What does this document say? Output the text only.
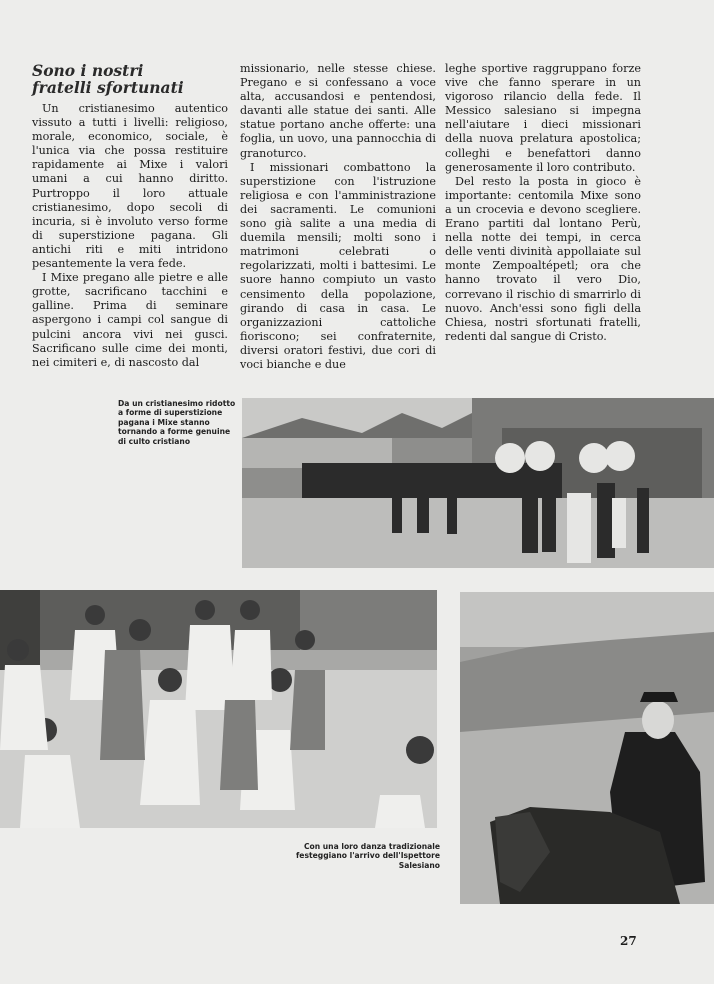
Sono i nostri
fratelli sfortunati

Un cristianesimo autentico vissuto a tutti i livelli: religioso, morale, economico, sociale, è l'unica via che possa restituire rapidamente ai Mixe i valori umani a cui hanno diritto. Purtroppo il loro attuale cristianesimo, dopo secoli di incuria, si è involuto verso forme di superstizione pagana. Gli antichi riti e miti intridono pesantemente la vera fede.

I Mixe pregano alle pietre e alle grotte, sacrificano tacchini e galline. Prima di seminare aspergono i campi col sangue di pulcini ancora vivi nei gusci. Sacrificano sulle cime dei monti, nei cimiteri e, di nascosto dal

missionario, nelle stesse chiese. Pregano e si confessano a voce alta, accusandosi e pentendosi, davanti alle statue dei santi. Alle statue portano anche offerte: una foglia, un uovo, una pannocchia di granoturco.

I missionari combattono la superstizione con l'istruzione religiosa e con l'amministrazione dei sacramenti. Le comunioni sono già salite a una media di duemila mensili; molti sono i matrimoni celebrati o regolarizzati, molti i battesimi. Le suore hanno compiuto un vasto censimento della popolazione, girando di casa in casa. Le organizzazioni cattoliche fioriscono; sei confraternite, diversi oratori festivi, due cori di voci bianche e due

leghe sportive raggruppano forze vive che fanno sperare in un vigoroso rilancio della fede. Il Messico salesiano si impegna nell'aiutare i dieci missionari della nuova prelatura apostolica; colleghi e benefattori danno generosamente il loro contributo.

Del resto la posta in gioco è importante: centomila Mixe sono a un crocevia e devono scegliere. Erano partiti dal lontano Perù, nella notte dei tempi, in cerca delle venti divinità appollaiate sul monte Zempoaltépetl; ora che hanno trovato il vero Dio, correvano il rischio di smarrirlo di nuovo. Anch'essi sono figli della Chiesa, nostri sfortunati fratelli, redenti dal sangue di Cristo.

Da un cristianesimo ridotto a forme di superstizione pagana i Mixe stanno tornando a forme genuine di culto cristiano
Con una loro danza tradizionale festeggiano l'arrivo dell'Ispettore Salesiano
27
